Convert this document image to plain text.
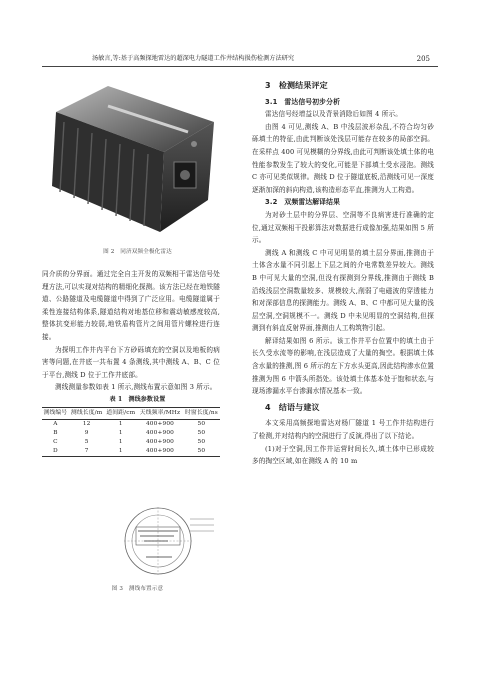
汤敏言,等:基于高频探地雷达的超深电力隧道工作井结构损伤检测方法研究	205

图 2　同济双频全极化雷达

同介质的分界面。通过完全自主开发的双频相干雷达信号处理方法,可以实现对结构的精细化探测。该方法已经在地铁隧道、公路隧道及电缆隧道中得到了广泛应用。电缆隧道属于柔性连接结构体系,隧道结构对地基位移和震动敏感度较高,整体抗变形能力较弱,地铁盾构管片之间用管片螺栓进行连接。

为探明工作井内平台下方砂砾填充的空洞以及地板的病害等问题,在井底一共布置 4 条测线,其中测线 A、B、C 位于平台,测线 D 位于工作井底部。

测线测量参数如表 1 所示,测线布置示意如图 3 所示。

表 1　测线参数设置

测线编号	测线长度/m	道间距/cm	天线频率/MHz	时窗长度/ns
A	12	1	400+900	50
B	9	1	400+900	50
C	5	1	400+900	50
D	7	1	400+900	50

图 3　测线布置示意

3　检测结果评定

3.1　雷达信号初步分析

雷达信号经增益以及背景消除后如图 4 所示。

由图 4 可见,测线 A、B 中浅层波形杂乱,不符合均匀砂砾填土的特征,由此判断该处浅层可能存在较多的局部空洞。在采样点 400 可见模糊的分界线,由此可判断该处填土体的电性能参数发生了较大的变化,可能是下部填土受水浸泡。测线 C 亦可见类似规律。测线 D 位于隧道底板,沿测线可见一深度逐渐加深的斜向构造,该构造形态平直,推测为人工构造。

3.2　双频雷达解译结果

为对砂土层中的分界层、空洞等不良病害进行准确的定位,通过双频相干投影算法对数据进行成像加强,结果如图 5 所示。

测线 A 和测线 C 中可见明显的填土层分界面,推测由于土体含水量不同引起上下层之间的介电常数差异较大。测线 B 中可见大量的空洞,但没有探测到分界线,推测由于测线 B 沿线浅层空洞数量较多、规模较大,削弱了电磁波的穿透能力和对深部信息的探测能力。测线 A、B、C 中都可见大量的浅层空洞,空洞规模不一。测线 D 中未见明显的空洞结构,但探测到有斜直反射界面,推测由人工构筑物引起。

解译结果如图 6 所示。该工作井平台位置中的填土由于长久受水流等的影响,在浅层造成了大量的掏空。根据填土体含水量的推测,图 6 所示的左下方水头更高,因此结构渗水位置推测为图 6 中箭头所指处。该处填土体基本处于饱和状态,与现场渗漏水平台渗漏水情况基本一致。

4　结语与建议

本文采用高频探地雷达对杨厂隧道 1 号工作井结构进行了检测,并对结构内的空洞进行了反演,得出了以下结论。

(1)对于空洞,因工作井运营时间长久,填土体中已形成较多的掏空区域,如在测线 A 的 10 m
